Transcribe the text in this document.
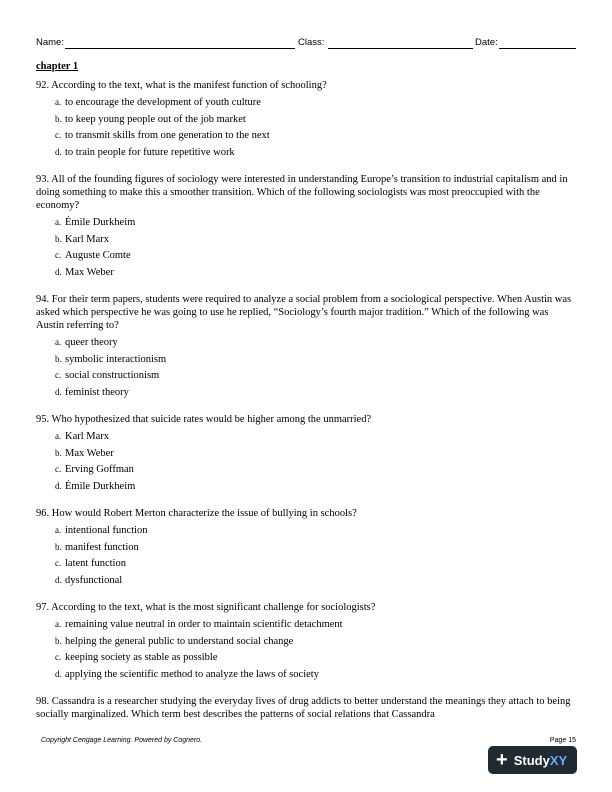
Name:	Class:	Date:
chapter 1
92. According to the text, what is the manifest function of schooling?
a. to encourage the development of youth culture
b. to keep young people out of the job market
c. to transmit skills from one generation to the next
d. to train people for future repetitive work
93. All of the founding figures of sociology were interested in understanding Europe’s transition to industrial capitalism and in doing something to make this a smoother transition. Which of the following sociologists was most preoccupied with the economy?
a. Émile Durkheim
b. Karl Marx
c. Auguste Comte
d. Max Weber
94. For their term papers, students were required to analyze a social problem from a sociological perspective. When Austin was asked which perspective he was going to use he replied, “Sociology’s fourth major tradition.” Which of the following was Austin referring to?
a. queer theory
b. symbolic interactionism
c. social constructionism
d. feminist theory
95. Who hypothesized that suicide rates would be higher among the unmarried?
a. Karl Marx
b. Max Weber
c. Erving Goffman
d. Émile Durkheim
96. How would Robert Merton characterize the issue of bullying in schools?
a. intentional function
b. manifest function
c. latent function
d. dysfunctional
97. According to the text, what is the most significant challenge for sociologists?
a. remaining value neutral in order to maintain scientific detachment
b. helping the general public to understand social change
c. keeping society as stable as possible
d. applying the scientific method to analyze the laws of society
98. Cassandra is a researcher studying the everyday lives of drug addicts to better understand the meanings they attach to being socially marginalized. Which term best describes the patterns of social relations that Cassandra
Copyright Cengage Learning. Powered by Cognero.	Page 15
+ Study XY
